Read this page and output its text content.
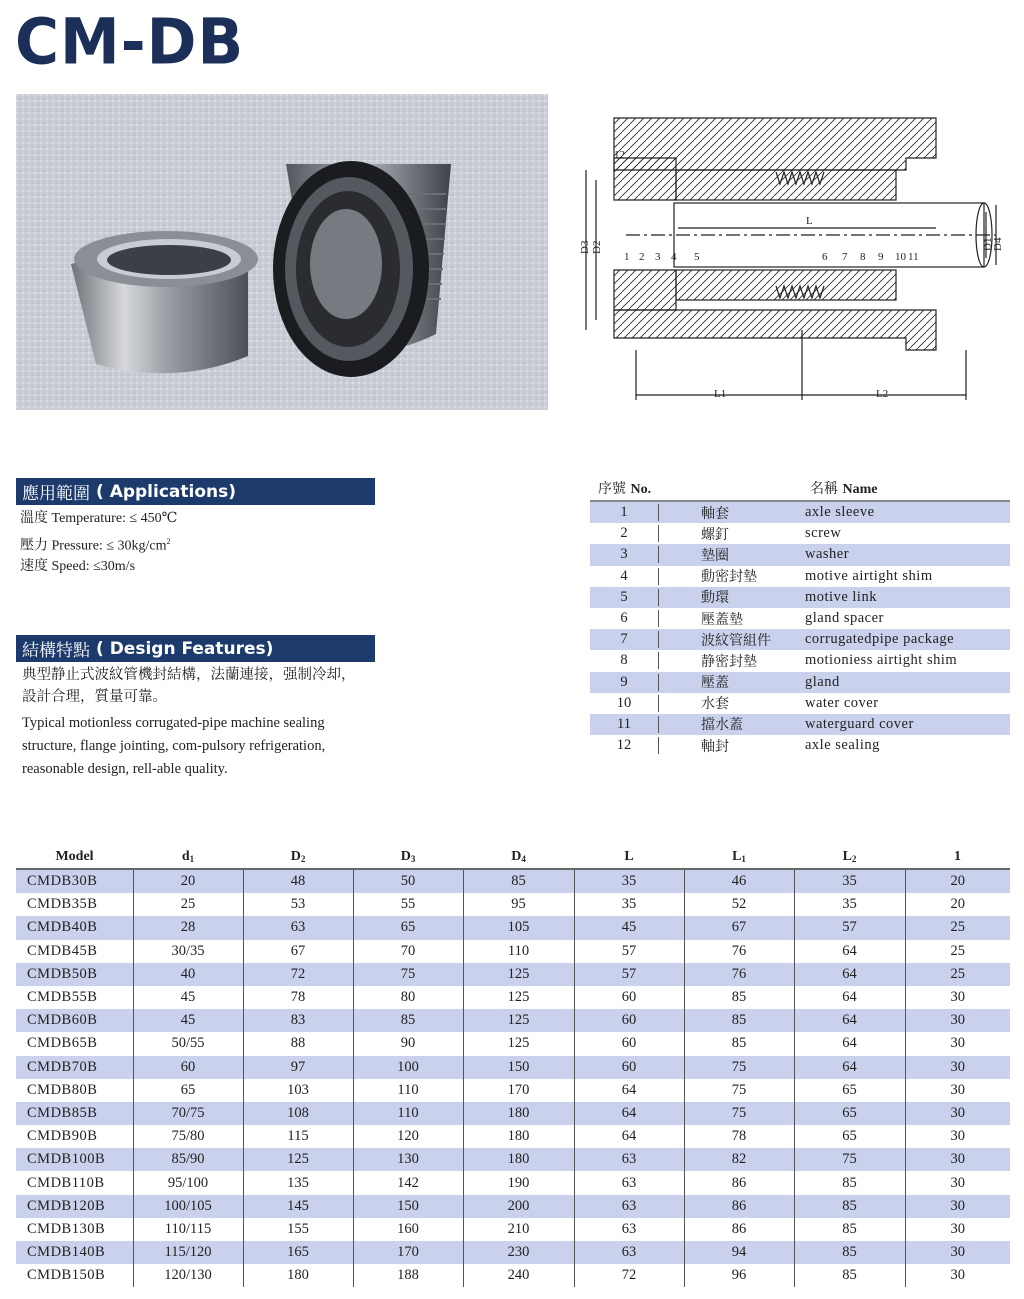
CM-DB
D3 D2	D1
D4
L
L1	L2
12
1 2 3 4 5	6 7 8 9 10 11
應用範圍 ( Applications)
溫度 Temperature: ≤ 450℃
壓力 Pressure: ≤ $30kg/cm^2$
速度 Speed: ≤30m/s
結構特點 ( Design Features)
典型静止式波紋管機封結構，法蘭連接，强制冷却，設計合理，質量可靠。
Typical motionless corrugated-pipe machine sealing structure, flange jointing, com-pulsory refrigeration, reasonable design, rell-able quality.
序號 No.	名稱 Name
1	軸套	axle sleeve
2	螺釘	screw
3	墊圈	washer
4	動密封墊	motive airtight shim
5	動環	motive link
6	壓蓋墊	gland spacer
7	波紋管組件	corrugatedpipe package
8	静密封墊	motioniess airtight shim
9	壓蓋	gland
10	水套	water cover
11	擋水蓋	waterguard cover
12	軸封	axle sealing
Model	$d_1$	$D_2$	$D_3$	$D_4$	L	$L_1$	$L_2$	1
CMDB30B	20	48	50	85	35	46	35	20
CMDB35B	25	53	55	95	35	52	35	20
CMDB40B	28	63	65	105	45	67	57	25
CMDB45B	30/35	67	70	110	57	76	64	25
CMDB50B	40	72	75	125	57	76	64	25
CMDB55B	45	78	80	125	60	85	64	30
CMDB60B	45	83	85	125	60	85	64	30
CMDB65B	50/55	88	90	125	60	85	64	30
CMDB70B	60	97	100	150	60	75	64	30
CMDB80B	65	103	110	170	64	75	65	30
CMDB85B	70/75	108	110	180	64	75	65	30
CMDB90B	75/80	115	120	180	64	78	65	30
CMDB100B	85/90	125	130	180	63	82	75	30
CMDB110B	95/100	135	142	190	63	86	85	30
CMDB120B	100/105	145	150	200	63	86	85	30
CMDB130B	110/115	155	160	210	63	86	85	30
CMDB140B	115/120	165	170	230	63	94	85	30
CMDB150B	120/130	180	188	240	72	96	85	30
